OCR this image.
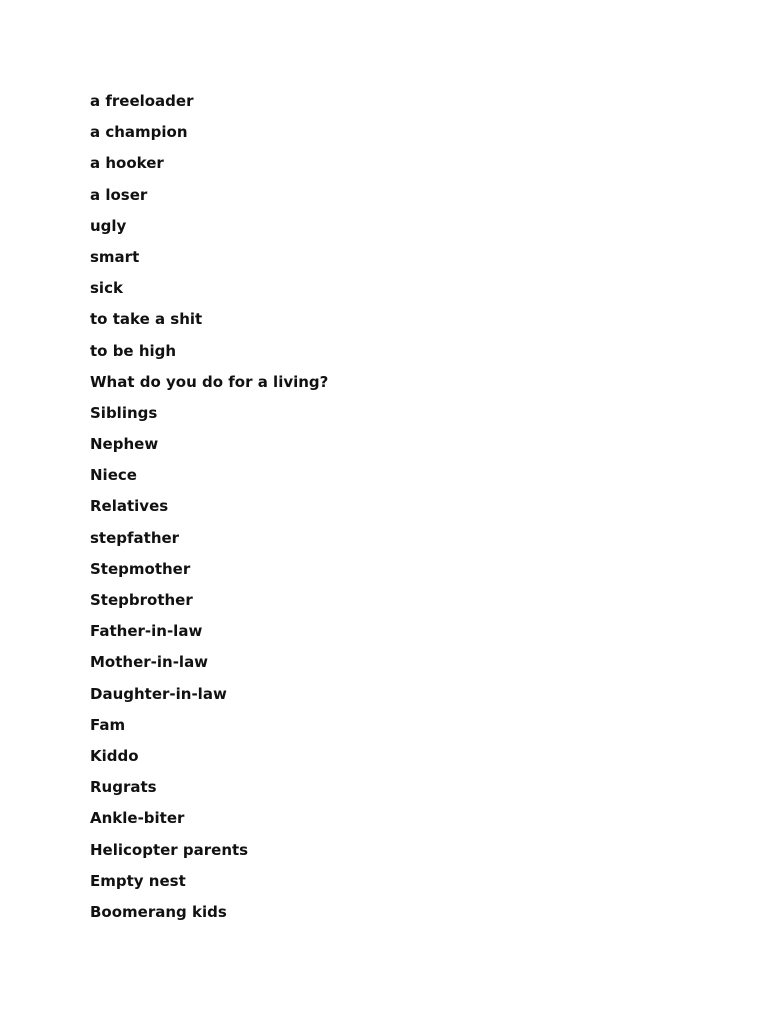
a freeloader
a champion
a hooker
a loser
ugly
smart
sick
to take a shit
to be high
What do you do for a living?
Siblings
Nephew
Niece
Relatives
stepfather
Stepmother
Stepbrother
Father-in-law
Mother-in-law
Daughter-in-law
Fam
Kiddo
Rugrats
Ankle-biter
Helicopter parents
Empty nest
Boomerang kids
